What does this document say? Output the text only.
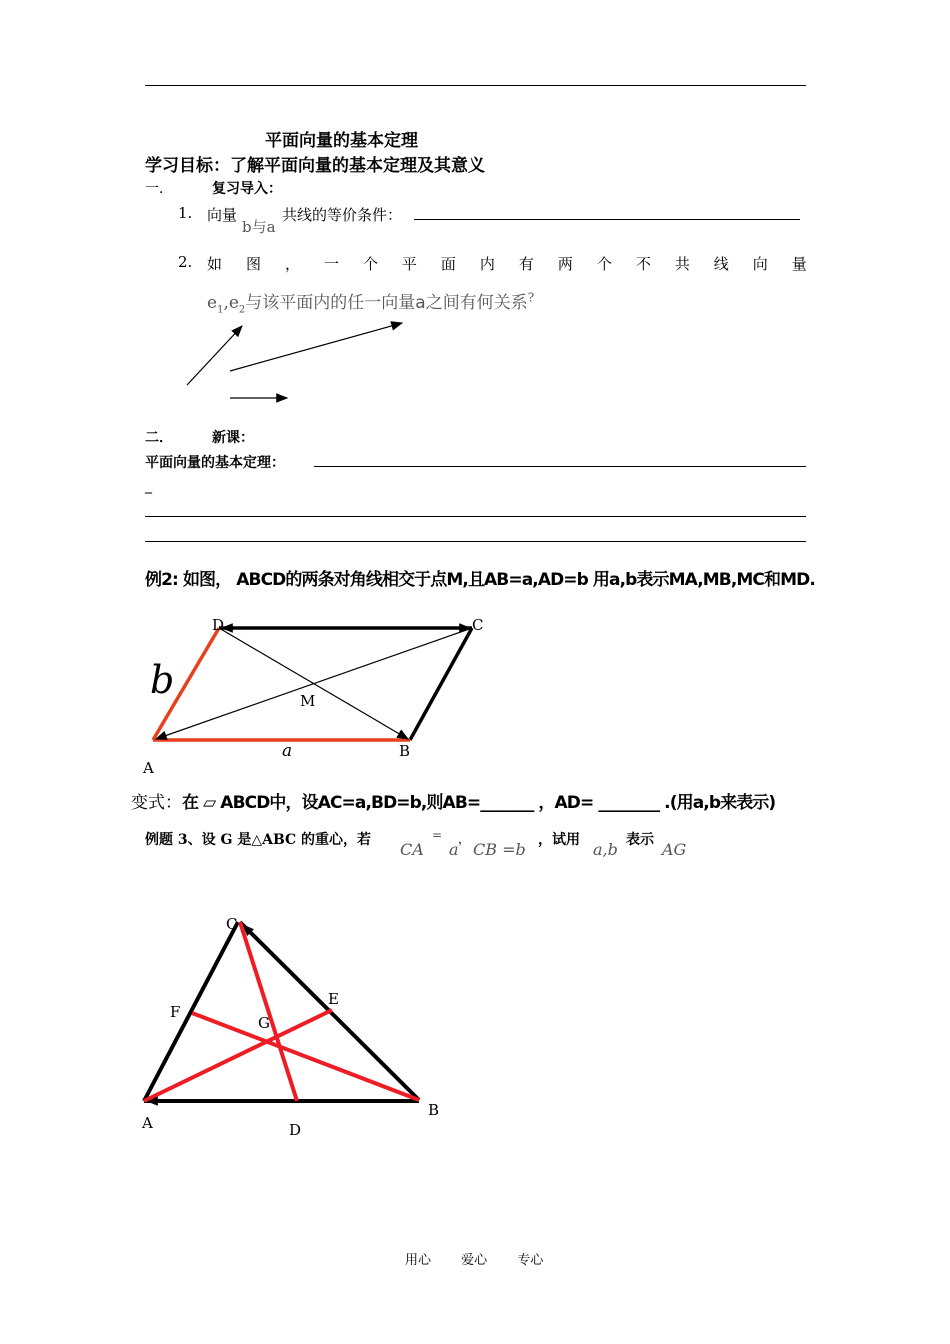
平面向量的基本定理
学习目标：了解平面向量的基本定理及其意义
一．	复习导入：
1. 向量
b与a
共线的等价条件：
2. 如 图 ， 一 个 平 面 内 有 两 个 不 共 线 向 量
$e_1,e_2$与该平面内的任一向量a之间有何关系?
二．	新课：
平面向量的基本定理：
_
例2: 如图， ABCD的两条对角线相交于点M,且AB=a,AD=b 用a,b表示MA,MB,MC和MD.
D	C
M
b
a	B
A
变式：在 ▱ ABCD中，设AC=a,BD=b,则AB=_______ ，AD= ________ .(用a,b来表示)
例题 3、设 G 是△ABC 的重心，若 CA
=
a
，
CB =b ，试用 a,b 表示 AG
C
F
E
G
A
B
D
用心 爱心 专心
